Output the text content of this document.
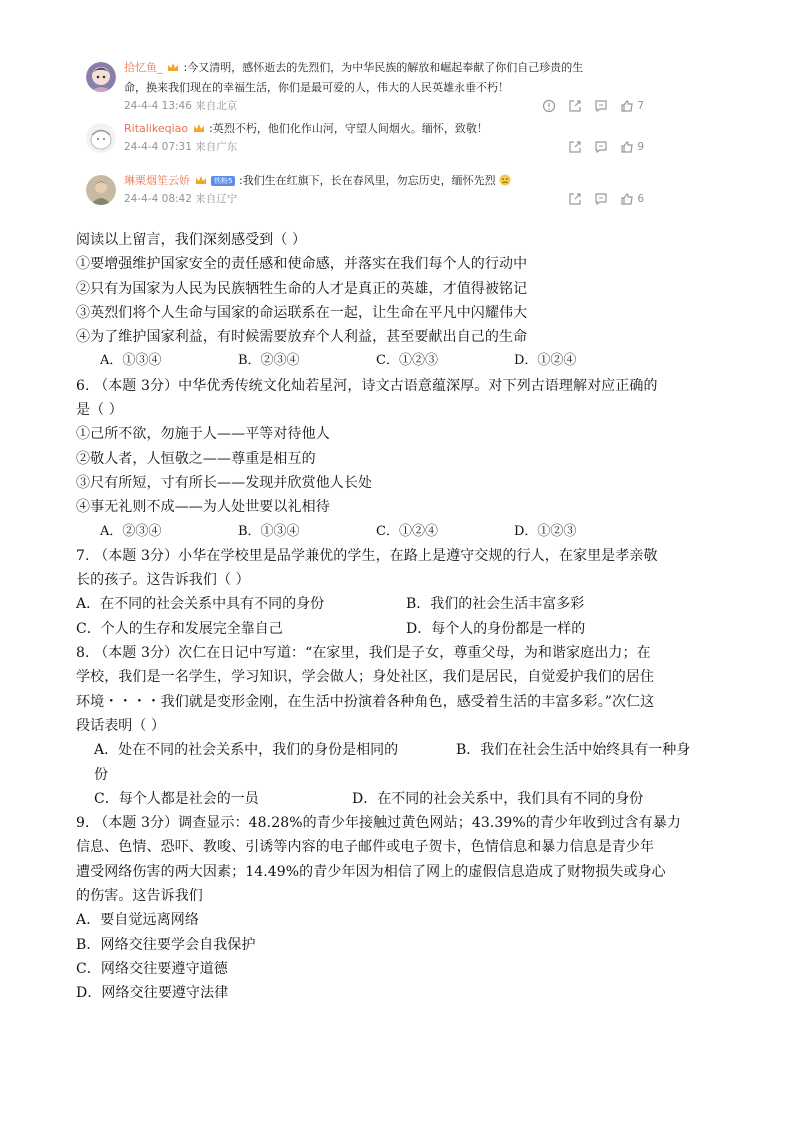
拾忆鱼_ :今又清明，感怀逝去的先烈们，为中华民族的解放和崛起奉献了你们自己珍贵的生
命，换来我们现在的幸福生活，你们是最可爱的人，伟大的人民英雄永垂不朽！
24-4-4 13:46 来自北京	7
Ritalikeqiao :英烈不朽，他们化作山河，守望人间烟火。缅怀，致敬！
24-4-4 07:31 来自广东	9
琳栗烟笙云娇	铁粉5 :我们生在红旗下，长在春风里，勿忘历史，缅怀先烈
24-4-4 08:42 来自辽宁	6
阅读以上留言，我们深刻感受到（ ）
①要增强维护国家安全的责任感和使命感，并落实在我们每个人的行动中
②只有为国家为人民为民族牺牲生命的人才是真正的英雄，才值得被铭记
③英烈们将个人生命与国家的命运联系在一起，让生命在平凡中闪耀伟大
④为了维护国家利益，有时候需要放弃个人利益，甚至要献出自己的生命
A．①③④	B．②③④	C．①②③	D．①②④
6. （本题 3分）中华优秀传统文化灿若星河，诗文古语意蕴深厚。对下列古语理解对应正确的
是（ ）
①己所不欲，勿施于人——平等对待他人
②敬人者，人恒敬之——尊重是相互的
③尺有所短，寸有所长——发现并欣赏他人长处
④事无礼则不成——为人处世要以礼相待
A．②③④	B．①③④	C．①②④	D．①②③
7. （本题 3分）小华在学校里是品学兼优的学生，在路上是遵守交规的行人，在家里是孝亲敬
长的孩子。这告诉我们（ ）
A．在不同的社会关系中具有不同的身份	B．我们的社会生活丰富多彩
C．个人的生存和发展完全靠自己	D．每个人的身份都是一样的
8. （本题 3分）次仁在日记中写道：“在家里，我们是子女，尊重父母，为和谐家庭出力；在
学校，我们是一名学生，学习知识，学会做人；身处社区，我们是居民，自觉爱护我们的居住
环境・・・・我们就是变形金刚，在生活中扮演着各种角色，感受着生活的丰富多彩。”次仁这
段话表明（ ）
A．处在不同的社会关系中，我们的身份是相同的	B．我们在社会生活中始终具有一种身
份
C．每个人都是社会的一员	D．在不同的社会关系中，我们具有不同的身份
9. （本题 3分）调查显示：48.28%的青少年接触过黄色网站；43.39%的青少年收到过含有暴力
信息、色情、恐吓、教唆、引诱等内容的电子邮件或电子贺卡，色情信息和暴力信息是青少年
遭受网络伤害的两大因素；14.49%的青少年因为相信了网上的虚假信息造成了财物损失或身心
的伤害。这告诉我们
A．要自觉远离网络
B．网络交往要学会自我保护
C．网络交往要遵守道德
D．网络交往要遵守法律
